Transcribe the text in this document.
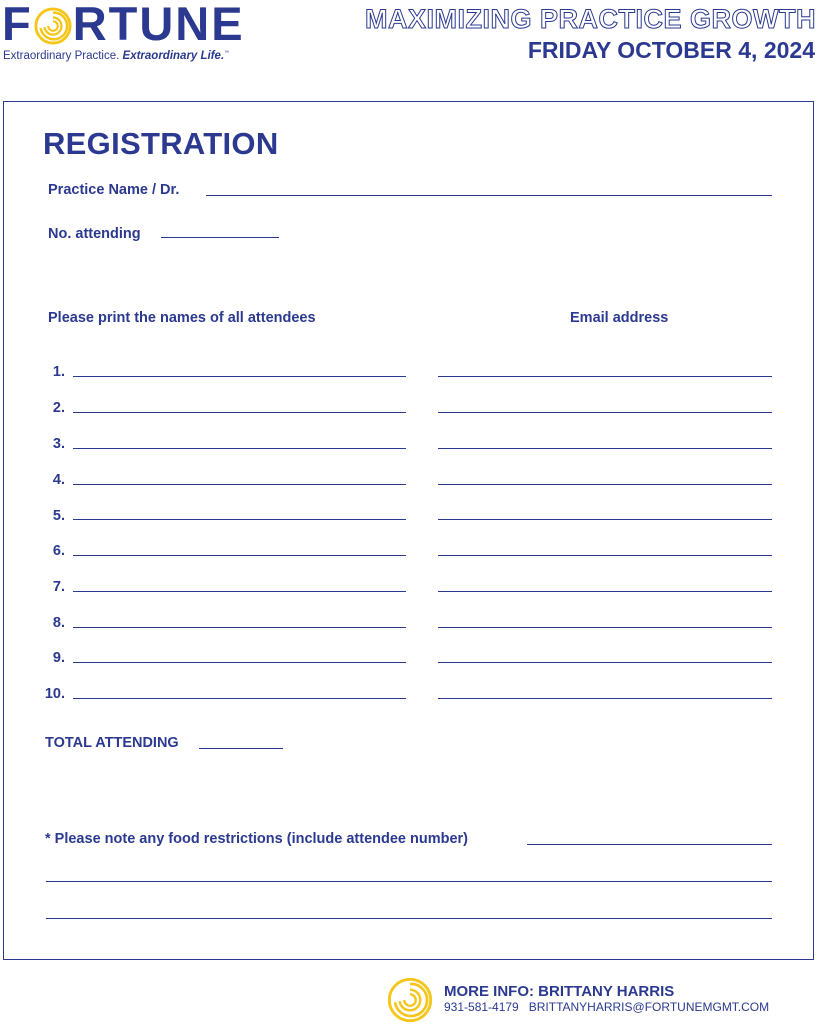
F RTUNE
Extraordinary Practice. Extraordinary Life.™
MAXIMIZING PRACTICE GROWTH
FRIDAY OCTOBER 4, 2024
REGISTRATION
Practice Name / Dr.
No. attending
Please print the names of all attendees	Email address
1.
2.
3.
4.
5.
6.
7.
8.
9.
10.
TOTAL ATTENDING
* Please note any food restrictions (include attendee number)
MORE INFO: BRITTANY HARRIS
931-581-4179 BRITTANYHARRIS@FORTUNEMGMT.COM
